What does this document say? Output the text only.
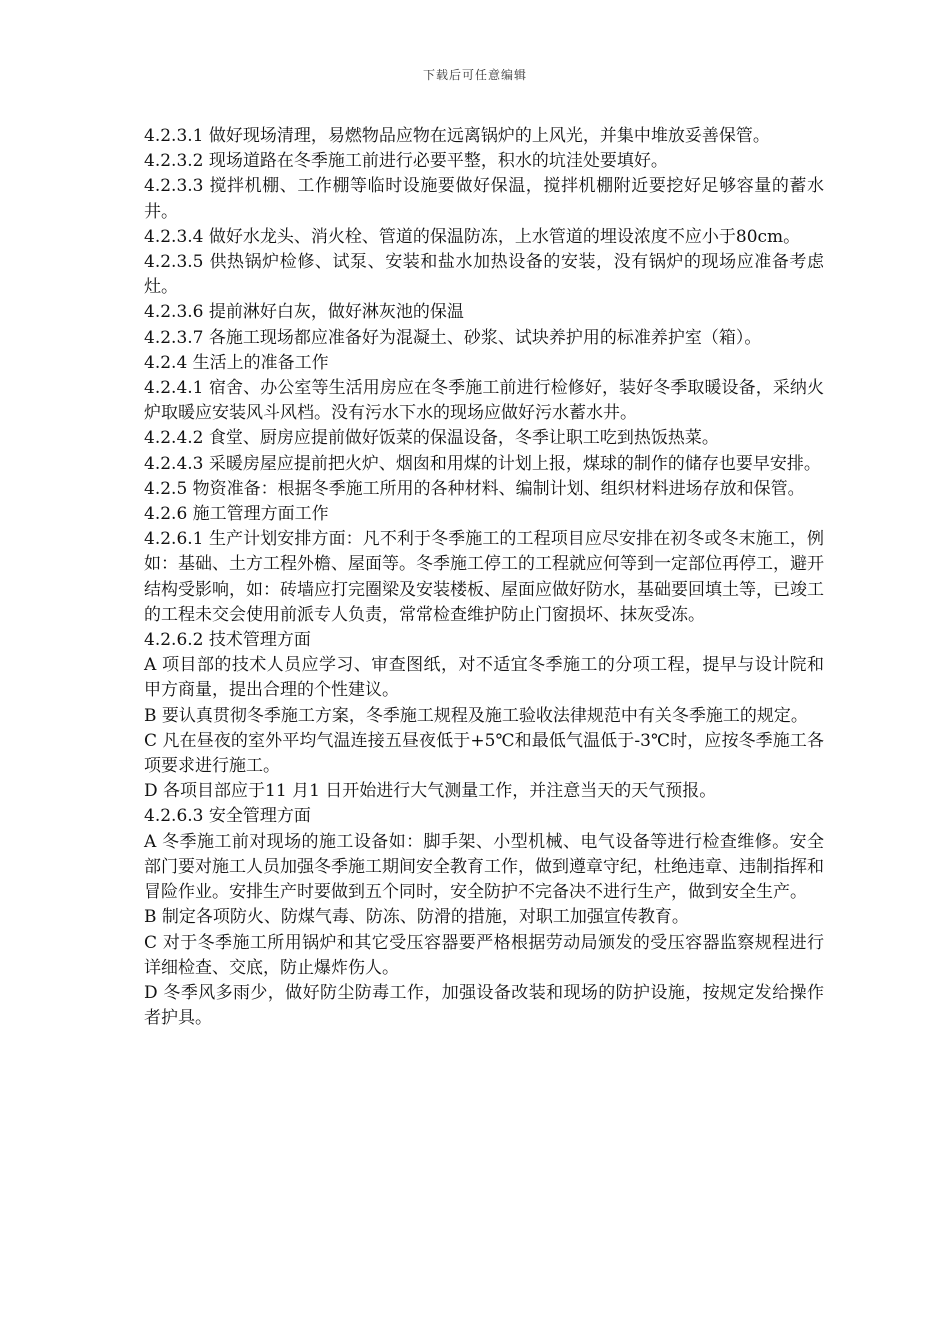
下载后可任意编辑

4.2.3.1 做好现场清理，易燃物品应物在远离锅炉的上风光，并集中堆放妥善保管。

4.2.3.2 现场道路在冬季施工前进行必要平整，积水的坑洼处要填好。

4.2.3.3 搅拌机棚、工作棚等临时设施要做好保温，搅拌机棚附近要挖好足够容量的蓄水井。

4.2.3.4 做好水龙头、消火栓、管道的保温防冻，上水管道的埋设浓度不应小于80cm。

4.2.3.5 供热锅炉检修、试泵、安装和盐水加热设备的安装，没有锅炉的现场应准备考虑灶。

4.2.3.6 提前淋好白灰，做好淋灰池的保温

4.2.3.7 各施工现场都应准备好为混凝土、砂浆、试块养护用的标准养护室（箱）。

4.2.4 生活上的准备工作

4.2.4.1 宿舍、办公室等生活用房应在冬季施工前进行检修好，装好冬季取暖设备，采纳火炉取暖应安装风斗风档。没有污水下水的现场应做好污水蓄水井。

4.2.4.2 食堂、厨房应提前做好饭菜的保温设备，冬季让职工吃到热饭热菜。

4.2.4.3 采暖房屋应提前把火炉、烟囱和用煤的计划上报，煤球的制作的储存也要早安排。

4.2.5 物资准备：根据冬季施工所用的各种材料、编制计划、组织材料进场存放和保管。

4.2.6 施工管理方面工作

4.2.6.1 生产计划安排方面：凡不利于冬季施工的工程项目应尽安排在初冬或冬末施工，例如：基础、土方工程外檐、屋面等。冬季施工停工的工程就应何等到一定部位再停工，避开结构受影响，如：砖墙应打完圈梁及安装楼板、屋面应做好防水，基础要回填土等，已竣工的工程未交会使用前派专人负责，常常检查维护防止门窗损坏、抹灰受冻。

4.2.6.2 技术管理方面

A 项目部的技术人员应学习、审查图纸，对不适宜冬季施工的分项工程，提早与设计院和甲方商量，提出合理的个性建议。

B 要认真贯彻冬季施工方案，冬季施工规程及施工验收法律规范中有关冬季施工的规定。

C 凡在昼夜的室外平均气温连接五昼夜低于+5℃和最低气温低于-3℃时，应按冬季施工各项要求进行施工。

D 各项目部应于11 月1 日开始进行大气测量工作，并注意当天的天气预报。

4.2.6.3 安全管理方面

A 冬季施工前对现场的施工设备如：脚手架、小型机械、电气设备等进行检查维修。安全部门要对施工人员加强冬季施工期间安全教育工作，做到遵章守纪，杜绝违章、违制指挥和冒险作业。安排生产时要做到五个同时，安全防护不完备决不进行生产，做到安全生产。

B 制定各项防火、防煤气毒、防冻、防滑的措施，对职工加强宣传教育。

C 对于冬季施工所用锅炉和其它受压容器要严格根据劳动局颁发的受压容器监察规程进行详细检查、交底，防止爆炸伤人。

D 冬季风多雨少，做好防尘防毒工作，加强设备改装和现场的防护设施，按规定发给操作者护具。
